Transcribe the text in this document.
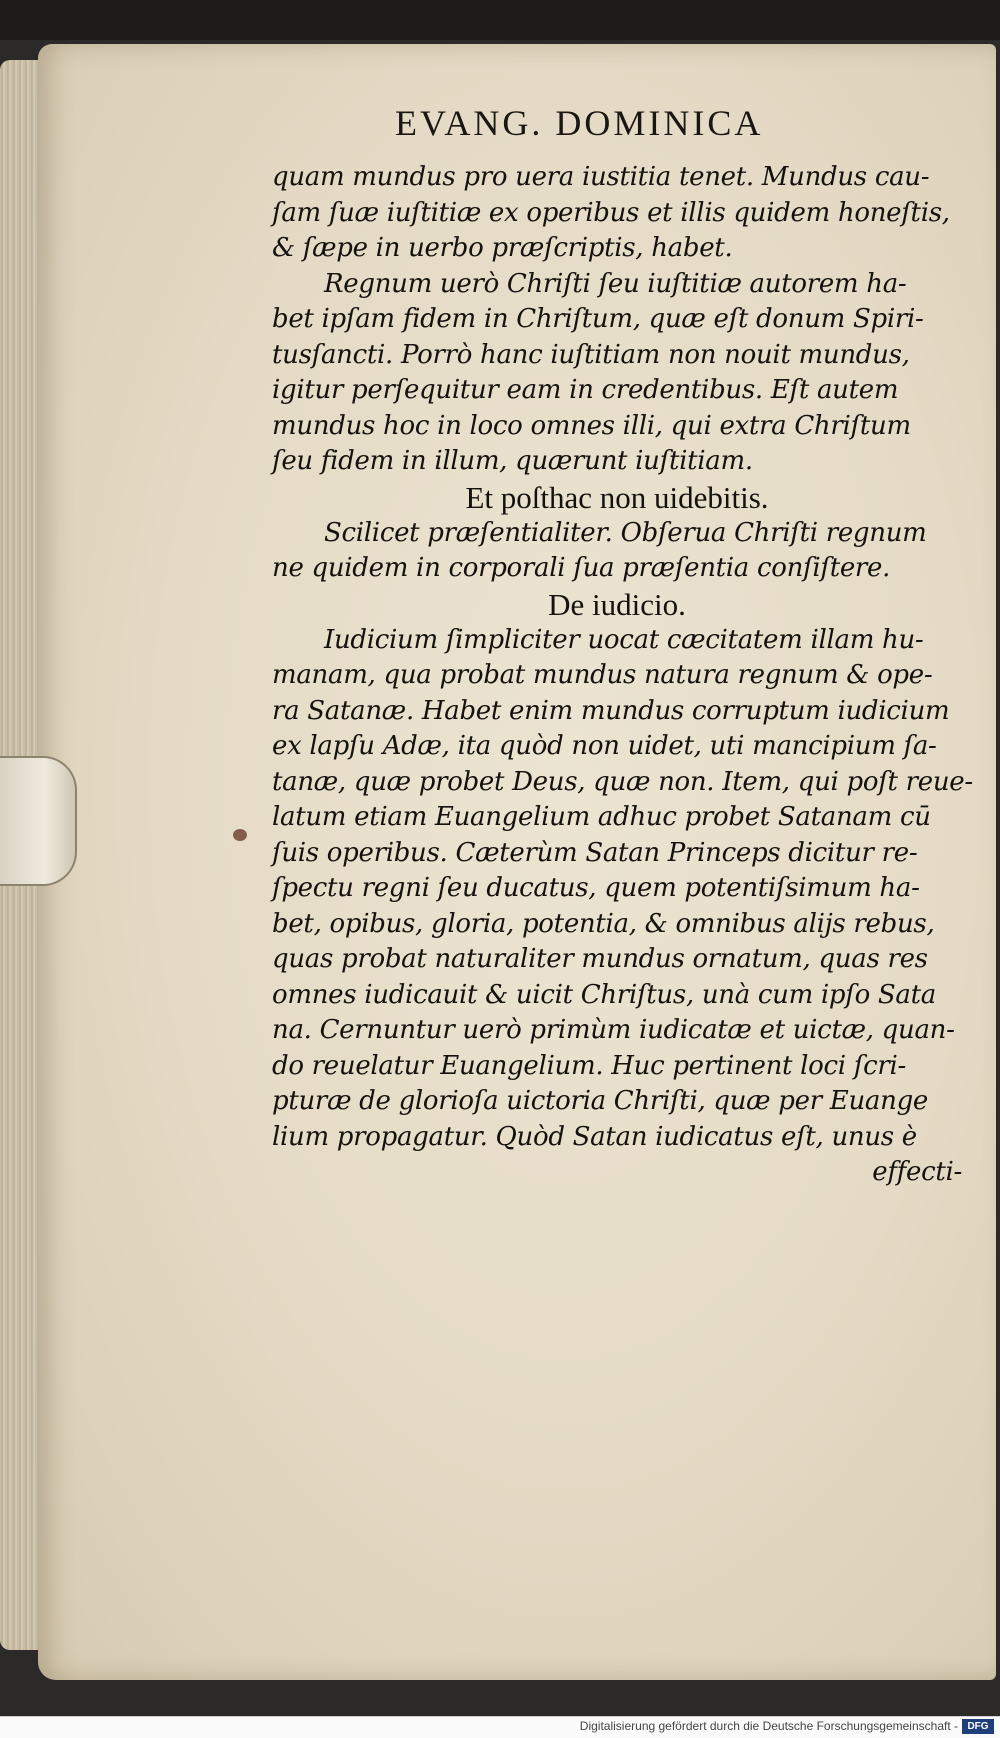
EVANG. DOMINICA
quam mundus pro uera iustitia tenet. Mundus cau-
ſam ſuæ iuſtitiæ ex operibus et illis quidem honeſtis,
& ſæpe in uerbo præſcriptis, habet.
Regnum uerò Chriſti ſeu iuſtitiæ autorem ha-
bet ipſam fidem in Chriſtum, quæ eſt donum Spiri-
tusſancti. Porrò hanc iuſtitiam non nouit mundus,
igitur perſequitur eam in credentibus. Eſt autem
mundus hoc in loco omnes illi, qui extra Chriſtum
ſeu fidem in illum, quærunt iuſtitiam.
Et poſthac non uidebitis.
Scilicet præſentialiter. Obſerua Chriſti regnum
ne quidem in corporali ſua præſentia conſiſtere.
De iudicio.
Iudicium ſimpliciter uocat cæcitatem illam hu-
manam, qua probat mundus natura regnum & ope-
ra Satanæ. Habet enim mundus corruptum iudicium
ex lapſu Adæ, ita quòd non uidet, uti mancipium ſa-
tanæ, quæ probet Deus, quæ non. Item, qui poſt reue-
latum etiam Euangelium adhuc probet Satanam cū
ſuis operibus. Cæterùm Satan Princeps dicitur re-
ſpectu regni ſeu ducatus, quem potentiſsimum ha-
bet, opibus, gloria, potentia, & omnibus alijs rebus,
quas probat naturaliter mundus ornatum, quas res
omnes iudicauit & uicit Chriſtus, unà cum ipſo Sata
na. Cernuntur uerò primùm iudicatæ et uictæ, quan-
do reuelatur Euangelium. Huc pertinent loci ſcri-
pturæ de glorioſa uictoria Chriſti, quæ per Euange
lium propagatur. Quòd Satan iudicatus eſt, unus è
effecti-
Digitalisierung gefördert durch die Deutsche Forschungsgemeinschaft - DFG
